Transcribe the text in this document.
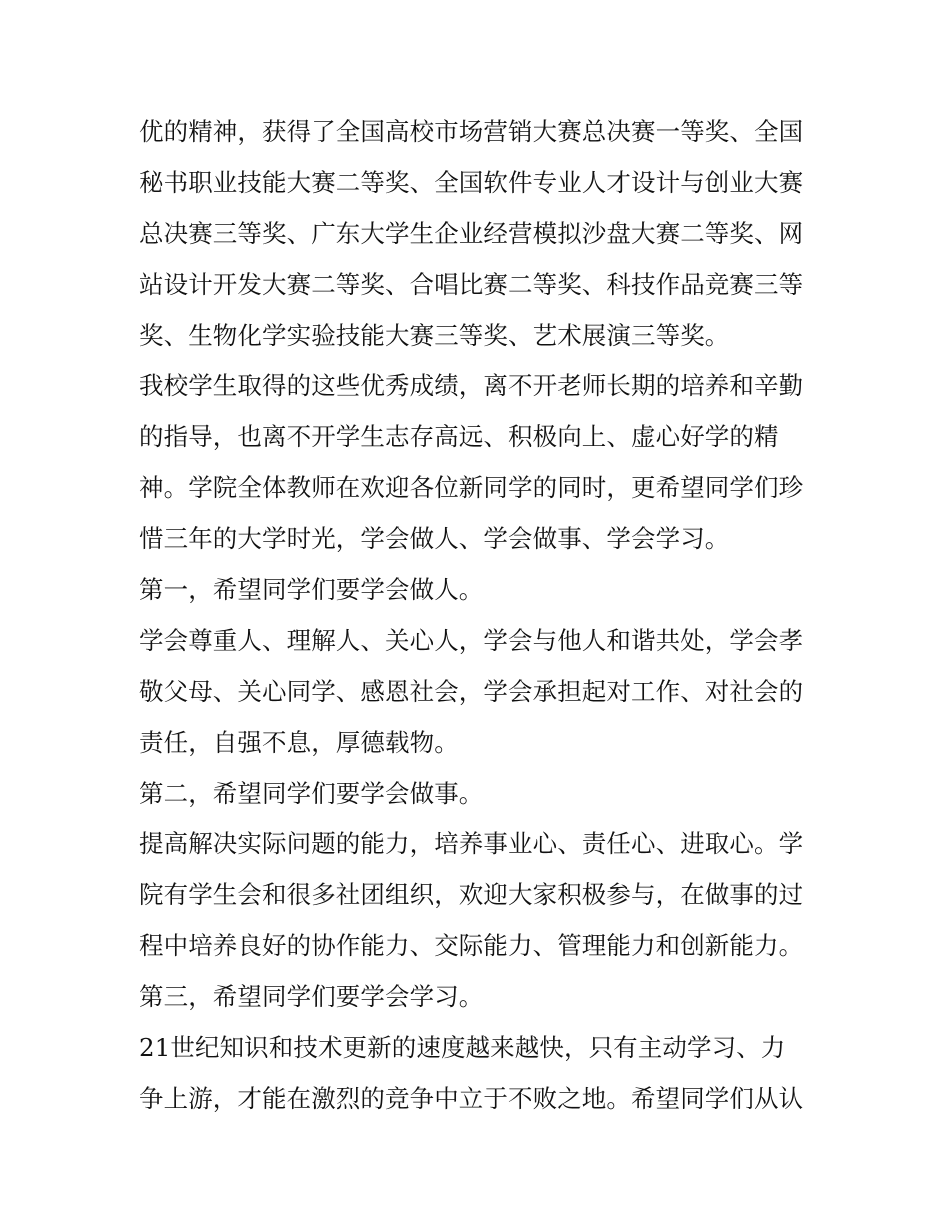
优的精神，获得了全国高校市场营销大赛总决赛一等奖、全国
秘书职业技能大赛二等奖、全国软件专业人才设计与创业大赛
总决赛三等奖、广东大学生企业经营模拟沙盘大赛二等奖、网
站设计开发大赛二等奖、合唱比赛二等奖、科技作品竞赛三等
奖、生物化学实验技能大赛三等奖、艺术展演三等奖。
我校学生取得的这些优秀成绩，离不开老师长期的培养和辛勤
的指导，也离不开学生志存高远、积极向上、虚心好学的精
神。学院全体教师在欢迎各位新同学的同时，更希望同学们珍
惜三年的大学时光，学会做人、学会做事、学会学习。
第一，希望同学们要学会做人。
学会尊重人、理解人、关心人，学会与他人和谐共处，学会孝
敬父母、关心同学、感恩社会，学会承担起对工作、对社会的
责任，自强不息，厚德载物。
第二，希望同学们要学会做事。
提高解决实际问题的能力，培养事业心、责任心、进取心。学
院有学生会和很多社团组织，欢迎大家积极参与，在做事的过
程中培养良好的协作能力、交际能力、管理能力和创新能力。
第三，希望同学们要学会学习。
21世纪知识和技术更新的速度越来越快，只有主动学习、力
争上游，才能在激烈的竞争中立于不败之地。希望同学们从认
